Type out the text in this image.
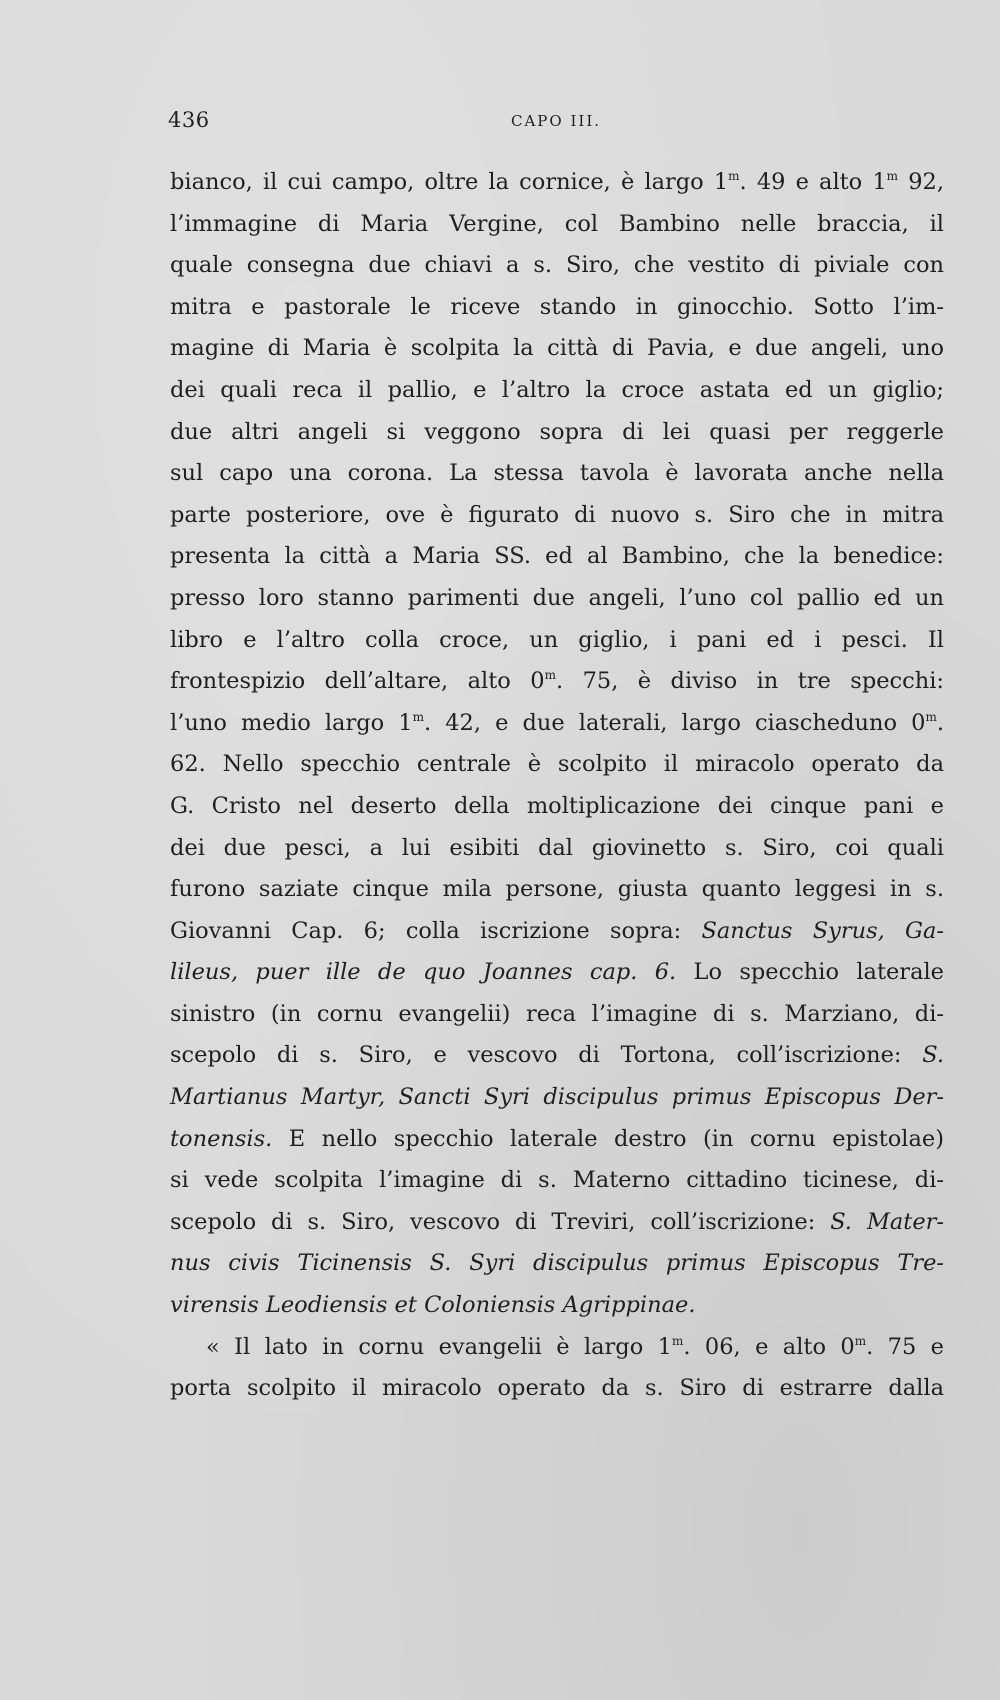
436	CAPO III.
bianco, il cui campo, oltre la cornice, è largo 1$^m$. 49 e alto 1$^m$ 92,
l’immagine di Maria Vergine, col Bambino nelle braccia, il
quale consegna due chiavi a s. Siro, che vestito di piviale con
mitra e pastorale le riceve stando in ginocchio. Sotto l’im-
magine di Maria è scolpita la città di Pavia, e due angeli, uno
dei quali reca il pallio, e l’altro la croce astata ed un giglio;
due altri angeli si veggono sopra di lei quasi per reggerle
sul capo una corona. La stessa tavola è lavorata anche nella
parte posteriore, ove è figurato di nuovo s. Siro che in mitra
presenta la città a Maria SS. ed al Bambino, che la benedice:
presso loro stanno parimenti due angeli, l’uno col pallio ed un
libro e l’altro colla croce, un giglio, i pani ed i pesci. Il
frontespizio dell’altare, alto 0$^m$. 75, è diviso in tre specchi:
l’uno medio largo 1$^m$. 42, e due laterali, largo ciascheduno 0$^m$.
62. Nello specchio centrale è scolpito il miracolo operato da
G. Cristo nel deserto della moltiplicazione dei cinque pani e
dei due pesci, a lui esibiti dal giovinetto s. Siro, coi quali
furono saziate cinque mila persone, giusta quanto leggesi in s.
Giovanni Cap. 6; colla iscrizione sopra: Sanctus Syrus, Ga-
lileus, puer ille de quo Joannes cap. 6. Lo specchio laterale
sinistro (in cornu evangelii) reca l’imagine di s. Marziano, di-
scepolo di s. Siro, e vescovo di Tortona, coll’iscrizione: S.
Martianus Martyr, Sancti Syri discipulus primus Episcopus Der-
tonensis. E nello specchio laterale destro (in cornu epistolae)
si vede scolpita l’imagine di s. Materno cittadino ticinese, di-
scepolo di s. Siro, vescovo di Treviri, coll’iscrizione: S. Mater-
nus civis Ticinensis S. Syri discipulus primus Episcopus Tre-
virensis Leodiensis et Coloniensis Agrippinae.
« Il lato in cornu evangelii è largo 1$^m$. 06, e alto 0$^m$. 75 e
porta scolpito il miracolo operato da s. Siro di estrarre dalla
